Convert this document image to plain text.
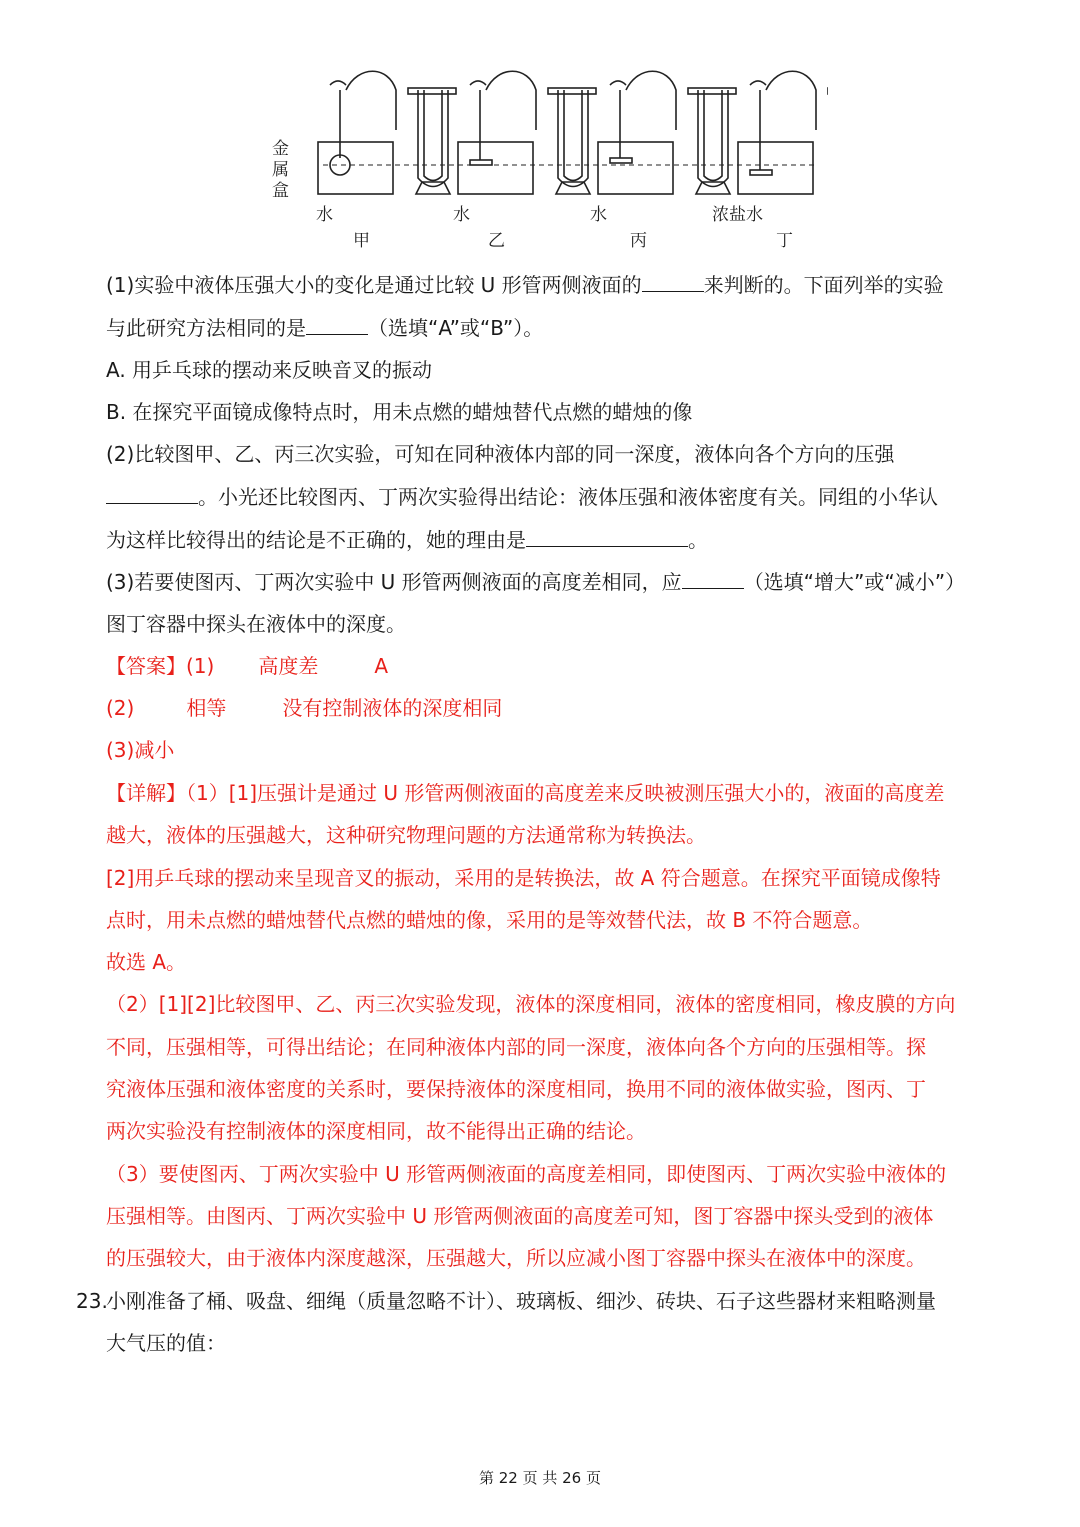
金
属
盒
水	水	水	浓盐水
甲	乙	丙	丁
(1)实验中液体压强大小的变化是通过比较 U 形管两侧液面的	来判断的。下面列举的实验
与此研究方法相同的是	（选填“A”或“B”）。
A. 用乒乓球的摆动来反映音叉的振动
B. 在探究平面镜成像特点时，用未点燃的蜡烛替代点燃的蜡烛的像
(2)比较图甲、乙、丙三次实验，可知在同种液体内部的同一深度，液体向各个方向的压强
。小光还比较图丙、丁两次实验得出结论：液体压强和液体密度有关。同组的小华认
为这样比较得出的结论是不正确的，她的理由是	。
(3)若要使图丙、丁两次实验中 U 形管两侧液面的高度差相同，应	（选填“增大”或“减小”）
图丁容器中探头在液体中的深度。
【答案】(1) 高度差	A
(2)	相等	没有控制液体的深度相同
(3)减小
【详解】（1）[1]压强计是通过 U 形管两侧液面的高度差来反映被测压强大小的，液面的高度差
越大，液体的压强越大，这种研究物理问题的方法通常称为转换法。
[2]用乒乓球的摆动来呈现音叉的振动，采用的是转换法，故 A 符合题意。在探究平面镜成像特
点时，用未点燃的蜡烛替代点燃的蜡烛的像，采用的是等效替代法，故 B 不符合题意。
故选 A。
（2）[1][2]比较图甲、乙、丙三次实验发现，液体的深度相同，液体的密度相同，橡皮膜的方向
不同，压强相等，可得出结论；在同种液体内部的同一深度，液体向各个方向的压强相等。探
究液体压强和液体密度的关系时，要保持液体的深度相同，换用不同的液体做实验，图丙、丁
两次实验没有控制液体的深度相同，故不能得出正确的结论。
（3）要使图丙、丁两次实验中 U 形管两侧液面的高度差相同，即使图丙、丁两次实验中液体的
压强相等。由图丙、丁两次实验中 U 形管两侧液面的高度差可知，图丁容器中探头受到的液体
的压强较大，由于液体内深度越深，压强越大，所以应减小图丁容器中探头在液体中的深度。
23.
小刚准备了桶、吸盘、细绳（质量忽略不计）、玻璃板、细沙、砖块、石子这些器材来粗略测量
大气压的值：
第 22 页 共 26 页
